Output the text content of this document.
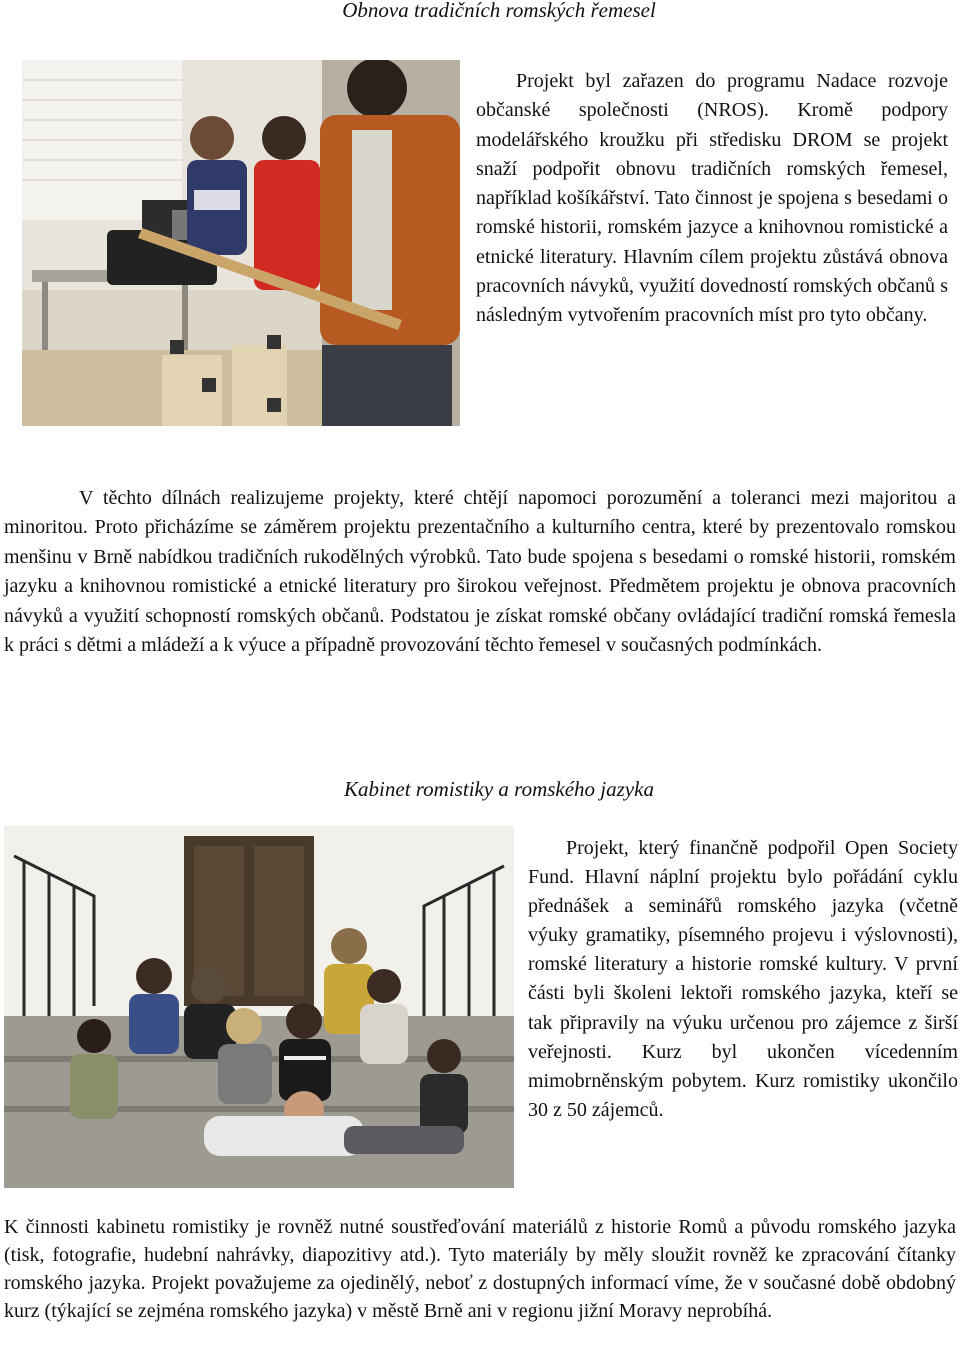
Obnova tradičních romských řemesel
Projekt byl zařazen do programu Nadace rozvoje občanské společnosti (NROS). Kromě podpory modelářského kroužku při středisku DROM se projekt snaží podpořit obnovu tradičních romských řemesel, například košíkářství. Tato činnost je spojena s besedami o romské historii, romském jazyce a knihovnou romistické a etnické literatury. Hlavním cílem projektu zůstává obnova pracovních návyků, využití dovedností romských občanů s následným vytvořením pracovních míst pro tyto občany.
V těchto dílnách realizujeme projekty, které chtějí napomoci porozumění a toleranci mezi majoritou a minoritou. Proto přicházíme se záměrem projektu prezentačního a kulturního centra, které by prezentovalo romskou menšinu v Brně nabídkou tradičních rukodělných výrobků. Tato bude spojena s besedami o romské historii, romském jazyku a knihovnou romistické a etnické literatury pro širokou veřejnost. Předmětem projektu je obnova pracovních návyků a využití schopností romských občanů. Podstatou je získat romské občany ovládající tradiční romská řemesla k práci s dětmi a mládeží a k výuce a případně provozování těchto řemesel v současných podmínkách.
Kabinet romistiky a romského jazyka
Projekt, který finančně podpořil Open Society Fund. Hlavní náplní projektu bylo pořádání cyklu přednášek a seminářů romského jazyka (včetně výuky gramatiky, písemného projevu i výslovnosti), romské literatury a historie romské kultury. V první části byli školeni lektoři romského jazyka, kteří se tak připravily na výuku určenou pro zájemce z širší veřejnosti. Kurz byl ukončen vícedenním mimobrněnským pobytem. Kurz romistiky ukončilo 30 z 50 zájemců.
K činnosti kabinetu romistiky je rovněž nutné soustřeďování materiálů z historie Romů a původu romského jazyka (tisk, fotografie, hudební nahrávky, diapozitivy atd.). Tyto materiály by měly sloužit rovněž ke zpracování čítanky romského jazyka. Projekt považujeme za ojedinělý, neboť z dostupných informací víme, že v současné době obdobný kurz (týkající se zejména romského jazyka) v městě Brně ani v regionu jižní Moravy neprobíhá.
